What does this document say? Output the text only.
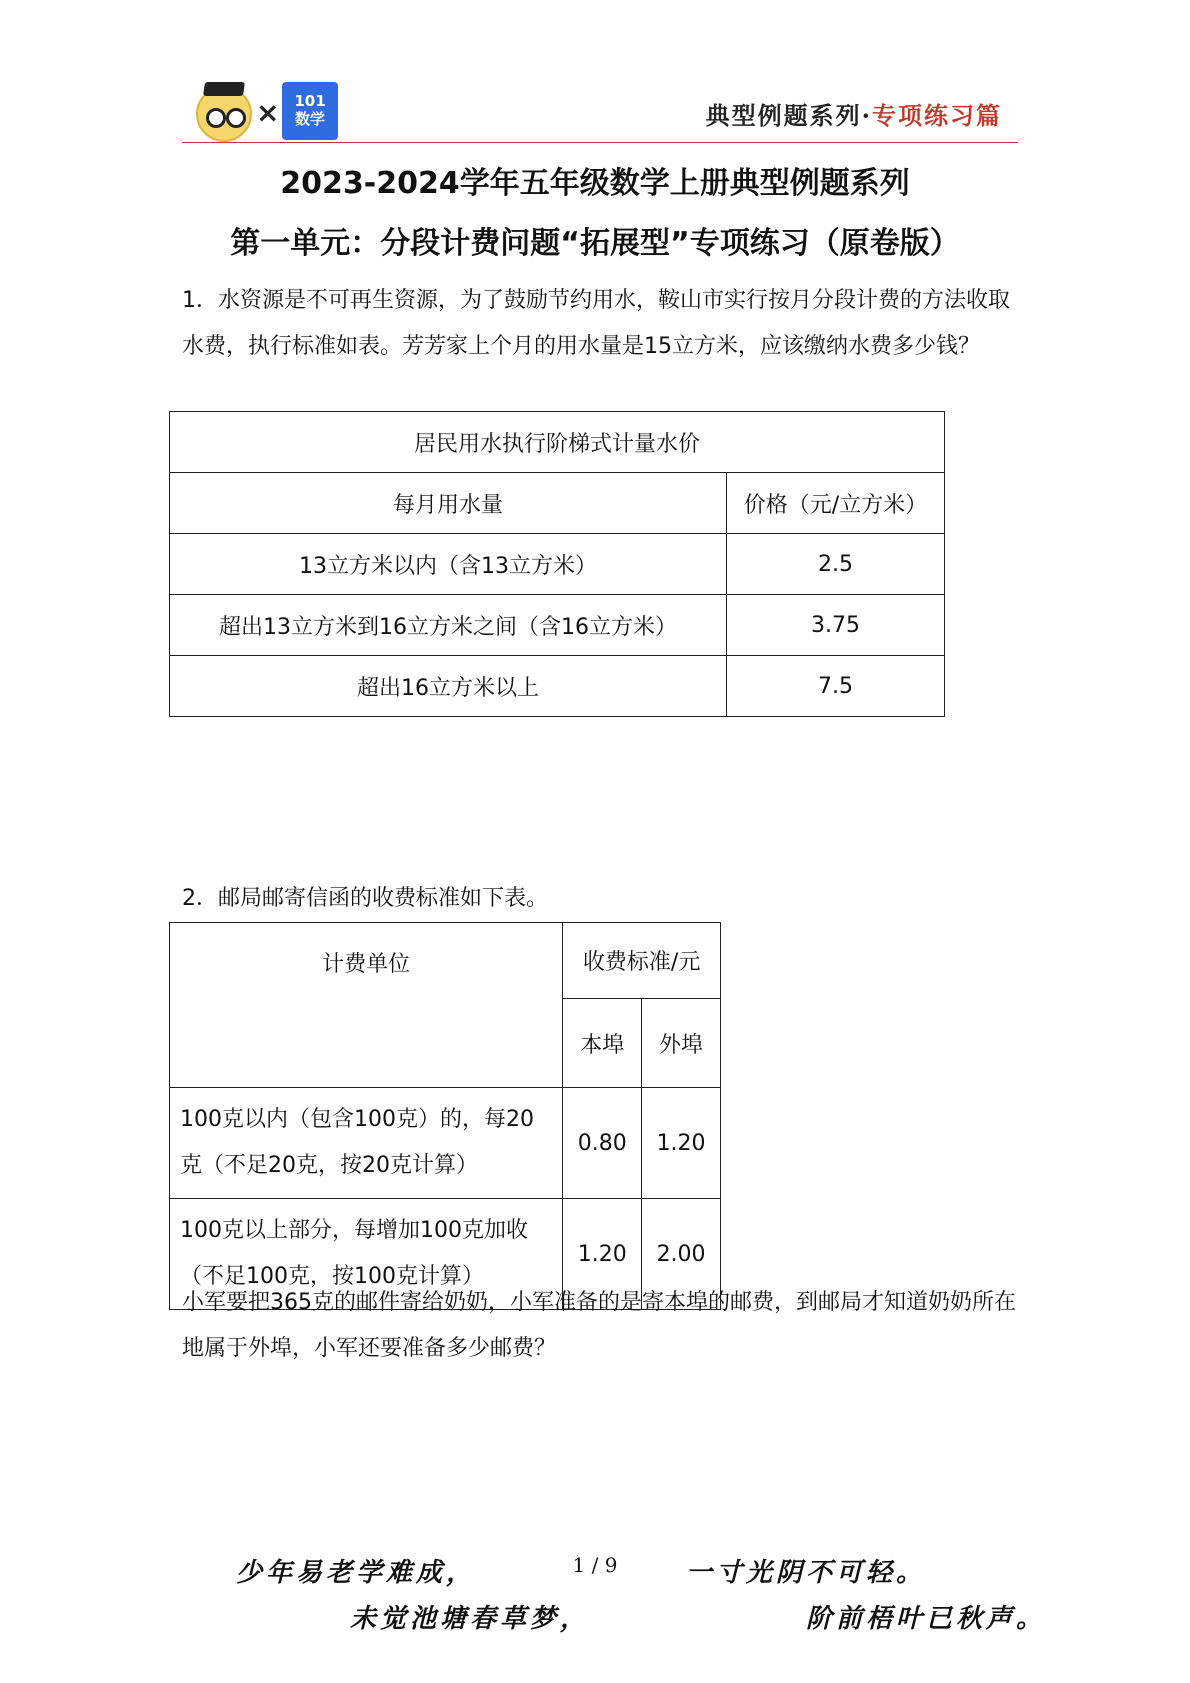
× 101
数学	典型例题系列·专项练习篇
2023-2024学年五年级数学上册典型例题系列
第一单元：分段计费问题“拓展型”专项练习（原卷版）
1．水资源是不可再生资源，为了鼓励节约用水，鞍山市实行按月分段计费的方法收取水费，执行标准如表。芳芳家上个月的用水量是15立方米，应该缴纳水费多少钱？
居民用水执行阶梯式计量水价	
每月用水量	价格（元/立方米）
13立方米以内（含13立方米）	2.5
超出13立方米到16立方米之间（含16立方米）	3.75
超出16立方米以上	7.5
2．邮局邮寄信函的收费标准如下表。
计费单位	收费标准/元	
	本埠	外埠
100克以内（包含100克）的，每20克（不足20克，按20克计算）	0.80	1.20
100克以上部分，每增加100克加收（不足100克，按100克计算）	1.20	2.00
小军要把365克的邮件寄给奶奶，小军准备的是寄本埠的邮费，到邮局才知道奶奶所在地属于外埠，小军还要准备多少邮费？
少年易老学难成，	1 / 9	一寸光阴不可轻。
未觉池塘春草梦，	阶前梧叶已秋声。
